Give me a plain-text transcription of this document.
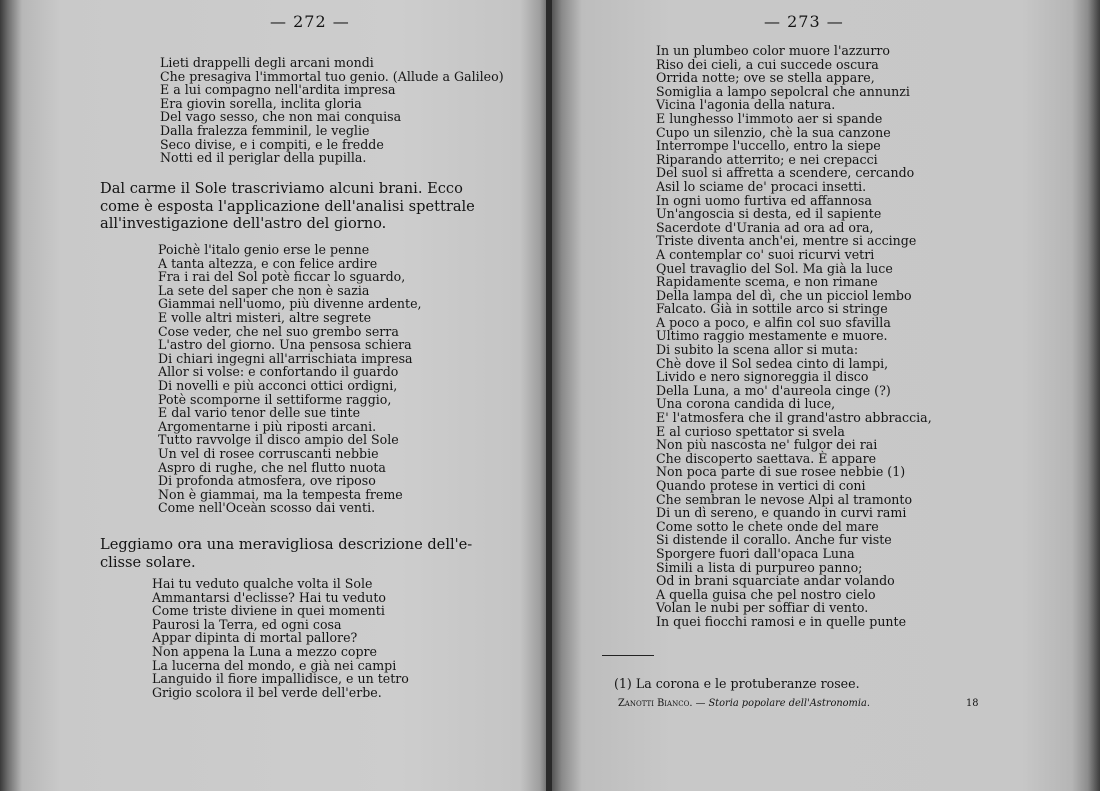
— 272 —
Lieti drappelli degli arcani mondi
Che presagiva l'immortal tuo genio. (Allude a Galileo)
E a lui compagno nell'ardita impresa
Era giovin sorella, inclita gloria
Del vago sesso, che non mai conquisa
Dalla fralezza femminil, le veglie
Seco divise, e i compiti, e le fredde
Notti ed il periglar della pupilla.

Dal carme il Sole trascriviamo alcuni brani. Ecco
come è esposta l'applicazione dell'analisi spettrale
all'investigazione dell'astro del giorno.

Poichè l'italo genio erse le penne
A tanta altezza, e con felice ardire
Fra i rai del Sol potè ficcar lo sguardo,
La sete del saper che non è sazia
Giammai nell'uomo, più divenne ardente,
E volle altri misteri, altre segrete
Cose veder, che nel suo grembo serra
L'astro del giorno. Una pensosa schiera
Di chiari ingegni all'arrischiata impresa
Allor si volse: e confortando il guardo
Di novelli e più acconci ottici ordigni,
Potè scomporne il settiforme raggio,
E dal vario tenor delle sue tinte
Argomentarne i più riposti arcani.
Tutto ravvolge il disco ampio del Sole
Un vel di rosee corruscanti nebbie
Aspro di rughe, che nel flutto nuota
Di profonda atmosfera, ove riposo
Non è giammai, ma la tempesta freme
Come nell'Oceàn scosso dai venti.

Leggiamo ora una meravigliosa descrizione dell'e-
clisse solare.

Hai tu veduto qualche volta il Sole
Ammantarsi d'eclisse? Hai tu veduto
Come triste diviene in quei momenti
Paurosi la Terra, ed ogni cosa
Appar dipinta di mortal pallore?
Non appena la Luna a mezzo copre
La lucerna del mondo, e già nei campi
Languido il fiore impallidisce, e un tetro
Grigio scolora il bel verde dell'erbe.

— 273 —
In un plumbeo color muore l'azzurro
Riso dei cieli, a cui succede oscura
Orrida notte; ove se stella appare,
Somiglia a lampo sepolcral che annunzi
Vicina l'agonia della natura.
E lunghesso l'immoto aer si spande
Cupo un silenzio, chè la sua canzone
Interrompe l'uccello, entro la siepe
Riparando atterrito; e nei crepacci
Del suol si affretta a scendere, cercando
Asil lo sciame de' procaci insetti.
In ogni uomo furtiva ed affannosa
Un'angoscia si desta, ed il sapiente
Sacerdote d'Urania ad ora ad ora,
Triste diventa anch'ei, mentre si accinge
A contemplar co' suoi ricurvi vetri
Quel travaglio del Sol. Ma già la luce
Rapidamente scema, e non rimane
Della lampa del dì, che un picciol lembo
Falcato. Già in sottile arco si stringe
A poco a poco, e alfin col suo sfavilla
Ultimo raggio mestamente e muore.
Di subito la scena allor si muta:
Chè dove il Sol sedea cinto di lampi,
Livido e nero signoreggia il disco
Della Luna, a mo' d'aureola cinge (?)
Una corona candida di luce,
E' l'atmosfera che il grand'astro abbraccia,
E al curioso spettator si svela
Non più nascosta ne' fulgor dei rai
Che discoperto saettava. È appare
Non poca parte di sue rosee nebbie (1)
Quando protese in vertici di coni
Che sembran le nevose Alpi al tramonto
Di un dì sereno, e quando in curvi rami
Come sotto le chete onde del mare
Si distende il corallo. Anche fur viste
Sporgere fuori dall'opaca Luna
Simili a lista di purpureo panno;
Od in brani squarciate andar volando
A quella guisa che pel nostro cielo
Volan le nubi per soffiar di vento.
In quei fiocchi ramosi e in quelle punte
(1) La corona e le protuberanze rosee.
Zanotti Bianco. — Storia popolare dell'Astronomia.	18
